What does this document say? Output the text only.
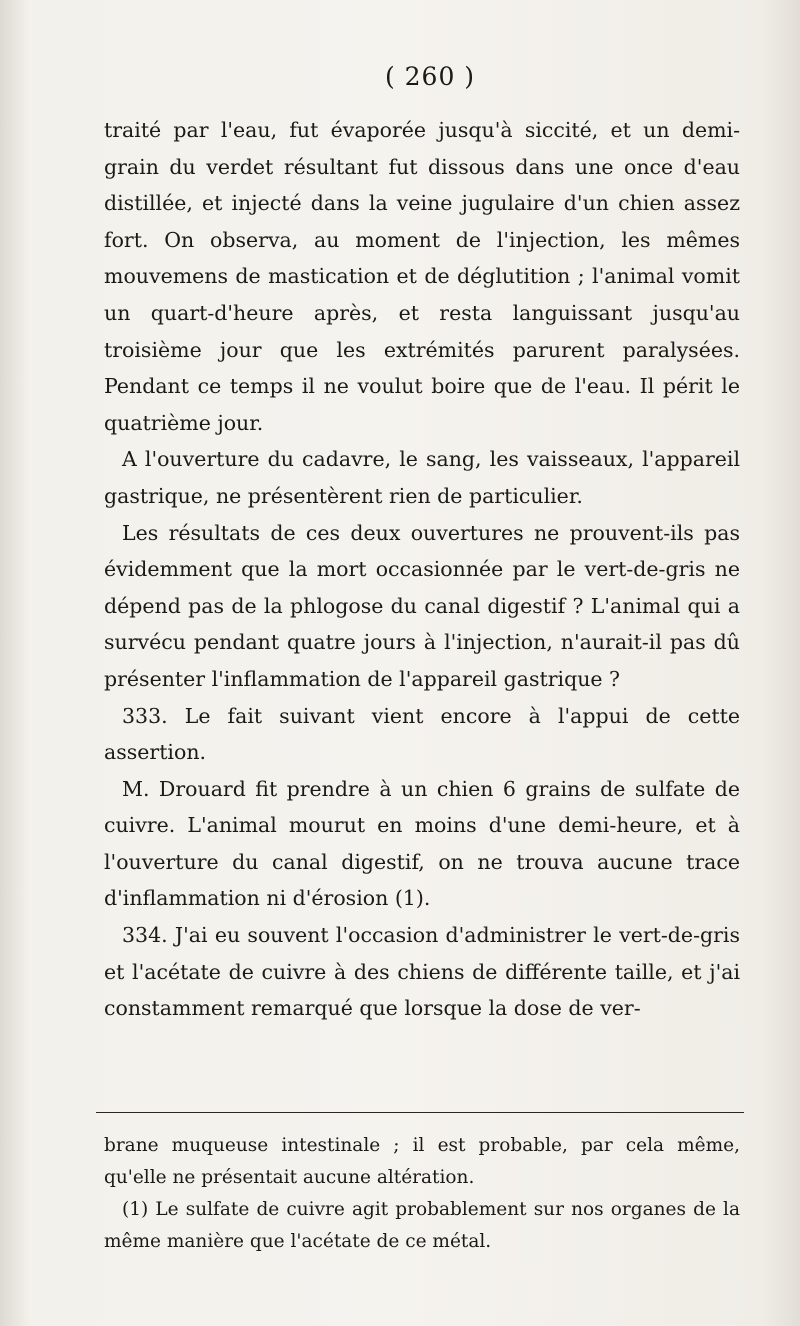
( 260 )

traité par l'eau, fut évaporée jusqu'à siccité, et un demi-grain du verdet résultant fut dissous dans une once d'eau distillée, et injecté dans la veine jugulaire d'un chien assez fort. On observa, au moment de l'injection, les mêmes mouvemens de mastication et de déglutition ; l'animal vomit un quart-d'heure après, et resta languissant jusqu'au troisième jour que les extrémités parurent paralysées. Pendant ce temps il ne voulut boire que de l'eau. Il périt le quatrième jour.

A l'ouverture du cadavre, le sang, les vaisseaux, l'appareil gastrique, ne présentèrent rien de particulier.

Les résultats de ces deux ouvertures ne prouvent-ils pas évidemment que la mort occasionnée par le vert-de-gris ne dépend pas de la phlogose du canal digestif ? L'animal qui a survécu pendant quatre jours à l'injection, n'aurait-il pas dû présenter l'inflammation de l'appareil gastrique ?

333. Le fait suivant vient encore à l'appui de cette assertion.

M. Drouard fit prendre à un chien 6 grains de sulfate de cuivre. L'animal mourut en moins d'une demi-heure, et à l'ouverture du canal digestif, on ne trouva aucune trace d'inflammation ni d'érosion (1).

334. J'ai eu souvent l'occasion d'administrer le vert-de-gris et l'acétate de cuivre à des chiens de différente taille, et j'ai constamment remarqué que lorsque la dose de ver-

brane muqueuse intestinale ; il est probable, par cela même, qu'elle ne présentait aucune altération.

(1) Le sulfate de cuivre agit probablement sur nos organes de la même manière que l'acétate de ce métal.
